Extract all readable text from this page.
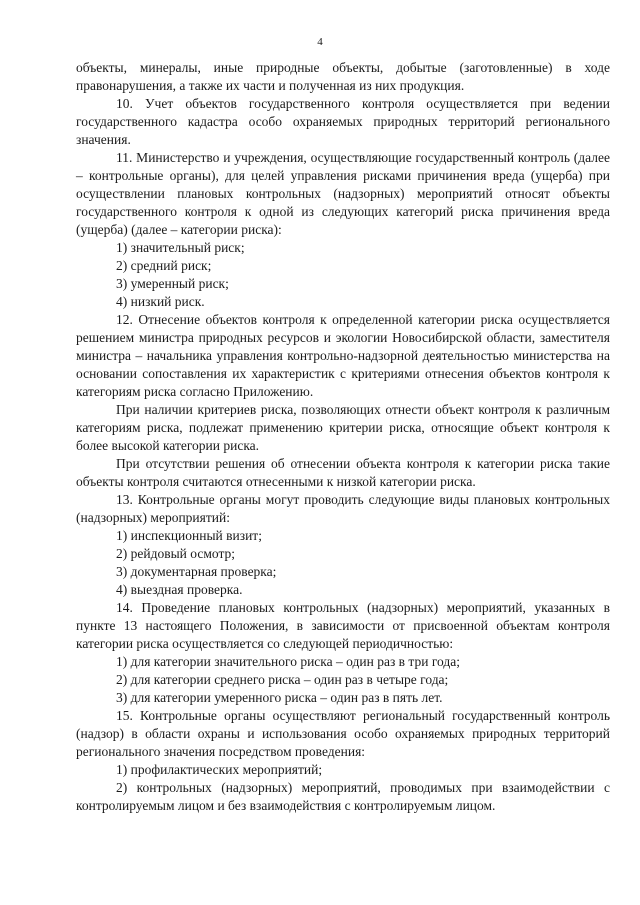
4

объекты, минералы, иные природные объекты, добытые (заготовленные) в ходе правонарушения, а также их части и полученная из них продукция.

10. Учет объектов государственного контроля осуществляется при ведении государственного кадастра особо охраняемых природных территорий регионального значения.

11. Министерство и учреждения, осуществляющие государственный контроль (далее – контрольные органы), для целей управления рисками причинения вреда (ущерба) при осуществлении плановых контрольных (надзорных) мероприятий относят объекты государственного контроля к одной из следующих категорий риска причинения вреда (ущерба) (далее – категории риска):

1) значительный риск;

2) средний риск;

3) умеренный риск;

4) низкий риск.

12. Отнесение объектов контроля к определенной категории риска осуществляется решением министра природных ресурсов и экологии Новосибирской области, заместителя министра – начальника управления контрольно-надзорной деятельностью министерства на основании сопоставления их характеристик с критериями отнесения объектов контроля к категориям риска согласно Приложению.

При наличии критериев риска, позволяющих отнести объект контроля к различным категориям риска, подлежат применению критерии риска, относящие объект контроля к более высокой категории риска.

При отсутствии решения об отнесении объекта контроля к категории риска такие объекты контроля считаются отнесенными к низкой категории риска.

13. Контрольные органы могут проводить следующие виды плановых контрольных (надзорных) мероприятий:

1) инспекционный визит;

2) рейдовый осмотр;

3) документарная проверка;

4) выездная проверка.

14. Проведение плановых контрольных (надзорных) мероприятий, указанных в пункте 13 настоящего Положения, в зависимости от присвоенной объектам контроля категории риска осуществляется со следующей периодичностью:

1) для категории значительного риска – один раз в три года;

2) для категории среднего риска – один раз в четыре года;

3) для категории умеренного риска – один раз в пять лет.

15. Контрольные органы осуществляют региональный государственный контроль (надзор) в области охраны и использования особо охраняемых природных территорий регионального значения посредством проведения:

1) профилактических мероприятий;

2) контрольных (надзорных) мероприятий, проводимых при взаимодействии с контролируемым лицом и без взаимодействия с контролируемым лицом.
